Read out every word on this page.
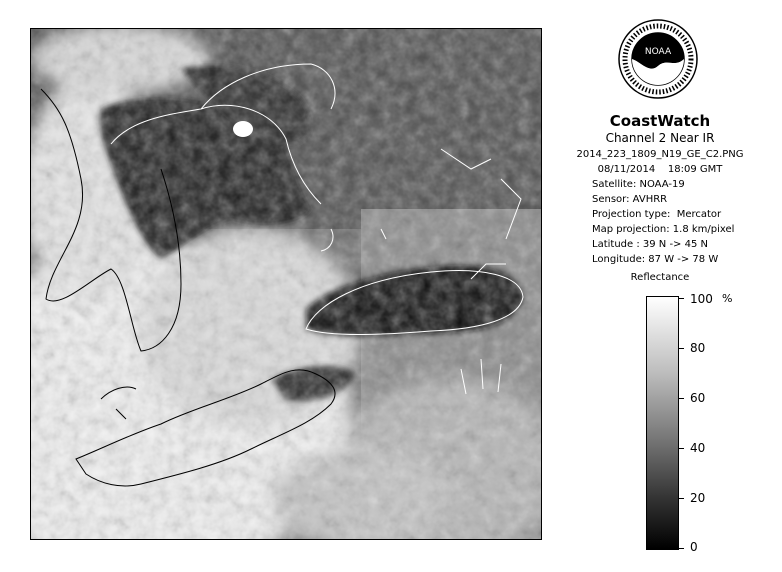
NOAA
CoastWatch
Channel 2 Near IR
2014_223_1809_N19_GE_C2.PNG
08/11/2014    18:09 GMT
Satellite: NOAA-19
Sensor: AVHRR
Projection type:  Mercator
Map projection: 1.8 km/pixel
Latitude : 39 N -> 45 N
Longitude: 87 W -> 78 W
Reflectance
%
100
80
60
40
20
0
